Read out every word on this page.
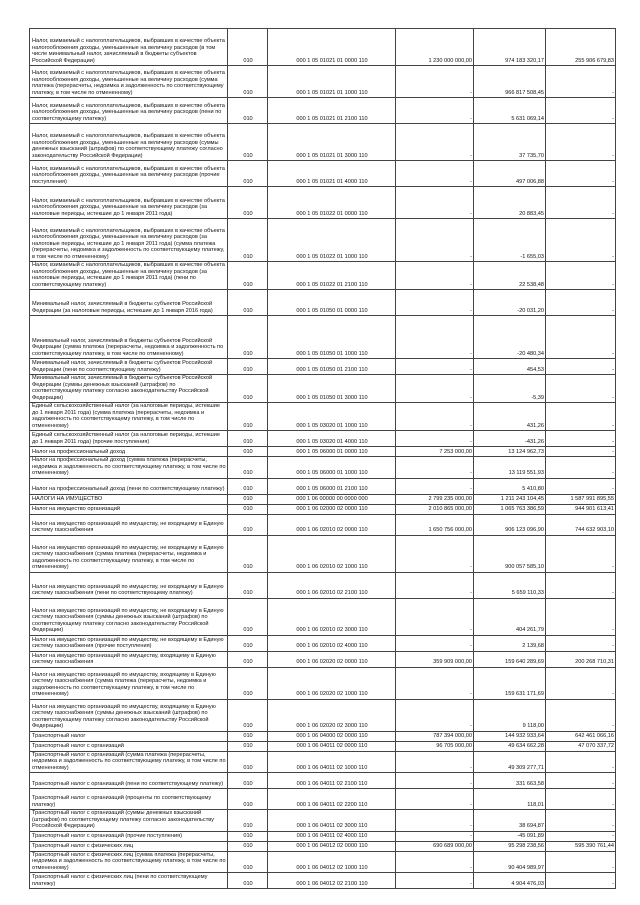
Налог, взимаемый с налогоплательщиков, выбравших в качестве объекта налогообложения доходы, уменьшенные на величину расходов (в том числе минимальный налог, зачисляемый в бюджеты субъектов Российской Федерации)	010	000 1 05 01021 01 0000 110	1 230 000 000,00	974 183 320,17	255 906 679,83
Налог, взимаемый с налогоплательщиков, выбравших в качестве объекта налогообложения доходы, уменьшенные на величину расходов (сумма платежа (перерасчеты, недоимка и задолженность по соответствующему платежу, в том числе по отмененному)	010	000 1 05 01021 01 1000 110	-	966 817 508,45	-
Налог, взимаемый с налогоплательщиков, выбравших в качестве объекта налогообложения доходы, уменьшенные на величину расходов (пени по соответствующему платежу)	010	000 1 05 01021 01 2100 110	-	5 631 069,14	-
Налог, взимаемый с налогоплательщиков, выбравших в качестве объекта налогообложения доходы, уменьшенные на величину расходов (суммы денежных взысканий (штрафов) по соответствующему платежу согласно законодательству Российской Федерации)	010	000 1 05 01021 01 3000 110	-	37 735,70	-
Налог, взимаемый с налогоплательщиков, выбравших в качестве объекта налогообложения доходы, уменьшенные на величину расходов (прочие поступления)	010	000 1 05 01021 01 4000 110	-	497 006,88	-
Налог, взимаемый с налогоплательщиков, выбравших в качестве объекта налогообложения доходы, уменьшенные на величину расходов (за налоговые периоды, истекшие до 1 января 2011 года)	010	000 1 05 01022 01 0000 110	-	20 883,45	-
Налог, взимаемый с налогоплательщиков, выбравших в качестве объекта налогообложения доходы, уменьшенные на величину расходов (за налоговые периоды, истекшие до 1 января 2011 года) (сумма платежа (перерасчеты, недоимка и задолженность по соответствующему платежу, в том числе по отмененному)	010	000 1 05 01022 01 1000 110	-	-1 655,03	-
Налог, взимаемый с налогоплательщиков, выбравших в качестве объекта налогообложения доходы, уменьшенные на величину расходов (за налоговые периоды, истекшие до 1 января 2011 года) (пени по соответствующему платежу)	010	000 1 05 01022 01 2100 110	-	22 538,48	-
Минимальный налог, зачисляемый в бюджеты субъектов Российской Федерации (за налоговые периоды, истекшие до 1 января 2016 года)	010	000 1 05 01050 01 0000 110	-	-20 031,20	-
Минимальный налог, зачисляемый в бюджеты субъектов Российской Федерации (сумма платежа (перерасчеты, недоимка и задолженность по соответствующему платежу, в том числе по отмененному)	010	000 1 05 01050 01 1000 110	-	-20 480,34	-
Минимальный налог, зачисляемый в бюджеты субъектов Российской Федерации (пени по соответствующему платежу)	010	000 1 05 01050 01 2100 110	-	454,53	-
Минимальный налог, зачисляемый в бюджеты субъектов Российской Федерации (суммы денежных взысканий (штрафов) по соответствующему платежу согласно законодательству Российской Федерации)	010	000 1 05 01050 01 3000 110	-	-5,39	-
Единый сельскохозяйственный налог (за налоговые периоды, истекшие до 1 января 2011 года) (сумма платежа (перерасчеты, недоимка и задолженность по соответствующему платежу, в том числе по отмененному)	010	000 1 05 03020 01 1000 110	-	431,26	-
Единый сельскохозяйственный налог (за налоговые периоды, истекшие до 1 января 2011 года) (прочие поступления)	010	000 1 05 03020 01 4000 110	-	-431,26	-
Налог на профессиональный доход	010	000 1 05 06000 01 0000 110	7 253 000,00	13 124 962,73	-
Налог на профессиональный доход (сумма платежа (перерасчеты, недоимка и задолженность по соответствующему платежу, в том числе по отмененному)	010	000 1 05 06000 01 1000 110	-	13 119 551,93	-
Налог на профессиональный доход (пени по соответствующему платежу)	010	000 1 05 06000 01 2100 110	-	5 410,80	-
НАЛОГИ НА ИМУЩЕСТВО	010	000 1 06 00000 00 0000 000	2 799 235 000,00	1 211 243 104,45	1 587 991 895,55
Налог на имущество организаций	010	000 1 06 02000 02 0000 110	2 010 865 000,00	1 065 763 386,59	944 901 613,41
Налог на имущество организаций по имуществу, не входящему в Единую систему газоснабжения	010	000 1 06 02010 02 0000 110	1 650 756 000,00	906 123 096,90	744 632 903,10
Налог на имущество организаций по имуществу, не входящему в Единую систему газоснабжения (сумма платежа (перерасчеты, недоимка и задолженность по соответствующему платежу, в том числе по отмененному)	010	000 1 06 02010 02 1000 110	-	900 057 585,10	-
Налог на имущество организаций по имуществу, не входящему в Единую систему газоснабжения (пени по соответствующему платежу)	010	000 1 06 02010 02 2100 110	-	5 659 110,33	-
Налог на имущество организаций по имуществу, не входящему в Единую систему газоснабжения (суммы денежных взысканий (штрафов) по соответствующему платежу согласно законодательству Российской Федерации)	010	000 1 06 02010 02 3000 110	-	404 261,79	-
Налог на имущество организаций по имуществу, не входящему в Единую систему газоснабжения (прочие поступления)	010	000 1 06 02010 02 4000 110	-	2 139,68	-
Налог на имущество организаций по имуществу, входящему в Единую систему газоснабжения	010	000 1 06 02020 02 0000 110	359 909 000,00	159 640 289,69	200 268 710,31
Налог на имущество организаций по имуществу, входящему в Единую систему газоснабжения (сумма платежа (перерасчеты, недоимка и задолженность по соответствующему платежу, в том числе по отмененному)	010	000 1 06 02020 02 1000 110	-	159 631 171,69	-
Налог на имущество организаций по имуществу, входящему в Единую систему газоснабжения (суммы денежных взысканий (штрафов) по соответствующему платежу согласно законодательству Российской Федерации)	010	000 1 06 02020 02 3000 110	-	9 118,00	-
Транспортный налог	010	000 1 06 04000 02 0000 110	787 394 000,00	144 932 933,64	642 461 066,16
Транспортный налог с организаций	010	000 1 06 04011 02 0000 110	96 705 000,00	49 634 662,28	47 070 337,72
Транспортный налог с организаций (сумма платежа (перерасчеты, недоимка и задолженность по соответствующему платежу, в том числе по отмененному)	010	000 1 06 04011 02 1000 110	-	49 309 277,71	-
Транспортный налог с организаций (пени по соответствующему платежу)	010	000 1 06 04011 02 2100 110	-	331 663,58	-
Транспортный налог с организаций (проценты по соответствующему платежу)	010	000 1 06 04011 02 2200 110	-	118,01	-
Транспортный налог с организаций (суммы денежных взысканий (штрафов) по соответствующему платежу согласно законодательству Российской Федерации)	010	000 1 06 04011 02 3000 110	-	38 694,87	-
Транспортный налог с организаций (прочие поступления)	010	000 1 06 04011 02 4000 110	-	-45 091,89	-
Транспортный налог с физических лиц	010	000 1 06 04012 02 0000 110	690 689 000,00	95 298 238,56	595 390 761,44
Транспортный налог с физических лиц (сумма платежа (перерасчеты, недоимка и задолженность по соответствующему платежу, в том числе по отмененному)	010	000 1 06 04012 02 1000 110	-	90 404 989,97	-
Транспортный налог с физических лиц (пени по соответствующему платежу)	010	000 1 06 04012 02 2100 110	-	4 904 476,03	-
